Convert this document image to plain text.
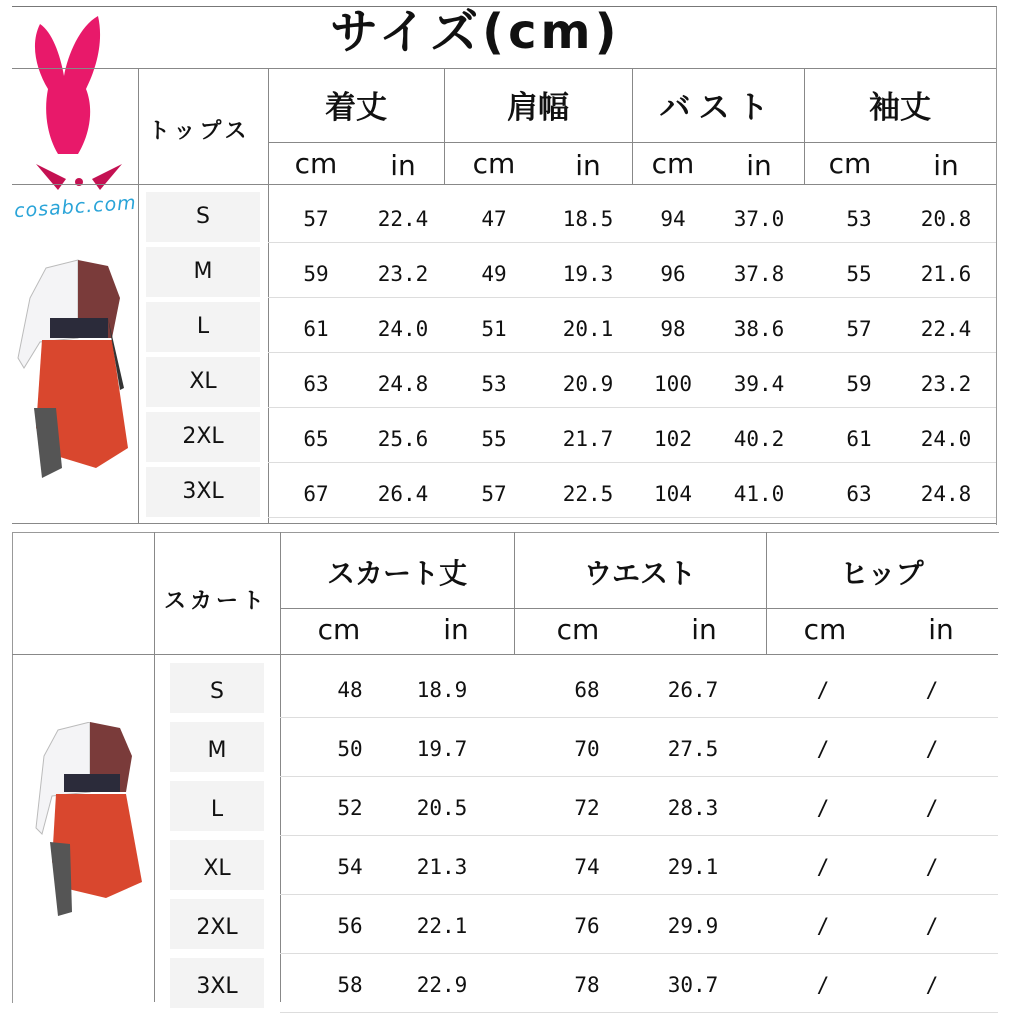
サイズ(cm)
cosabc.com
トップス
着丈	肩幅	バスト	袖丈
cm	in	cm	in	cm	in	cm	in
S	57	22.4	47	18.5	94	37.0	53	20.8
M	59	23.2	49	19.3	96	37.8	55	21.6
L	61	24.0	51	20.1	98	38.6	57	22.4
XL	63	24.8	53	20.9	100	39.4	59	23.2
2XL	65	25.6	55	21.7	102	40.2	61	24.0
3XL	67	26.4	57	22.5	104	41.0	63	24.8
スカート
スカート丈	ウエスト	ヒップ
cm	in	cm	in	cm	in
S	48	18.9	68	26.7	/	/
M	50	19.7	70	27.5	/	/
L	52	20.5	72	28.3	/	/
XL	54	21.3	74	29.1	/	/
2XL	56	22.1	76	29.9	/	/
3XL	58	22.9	78	30.7	/	/
